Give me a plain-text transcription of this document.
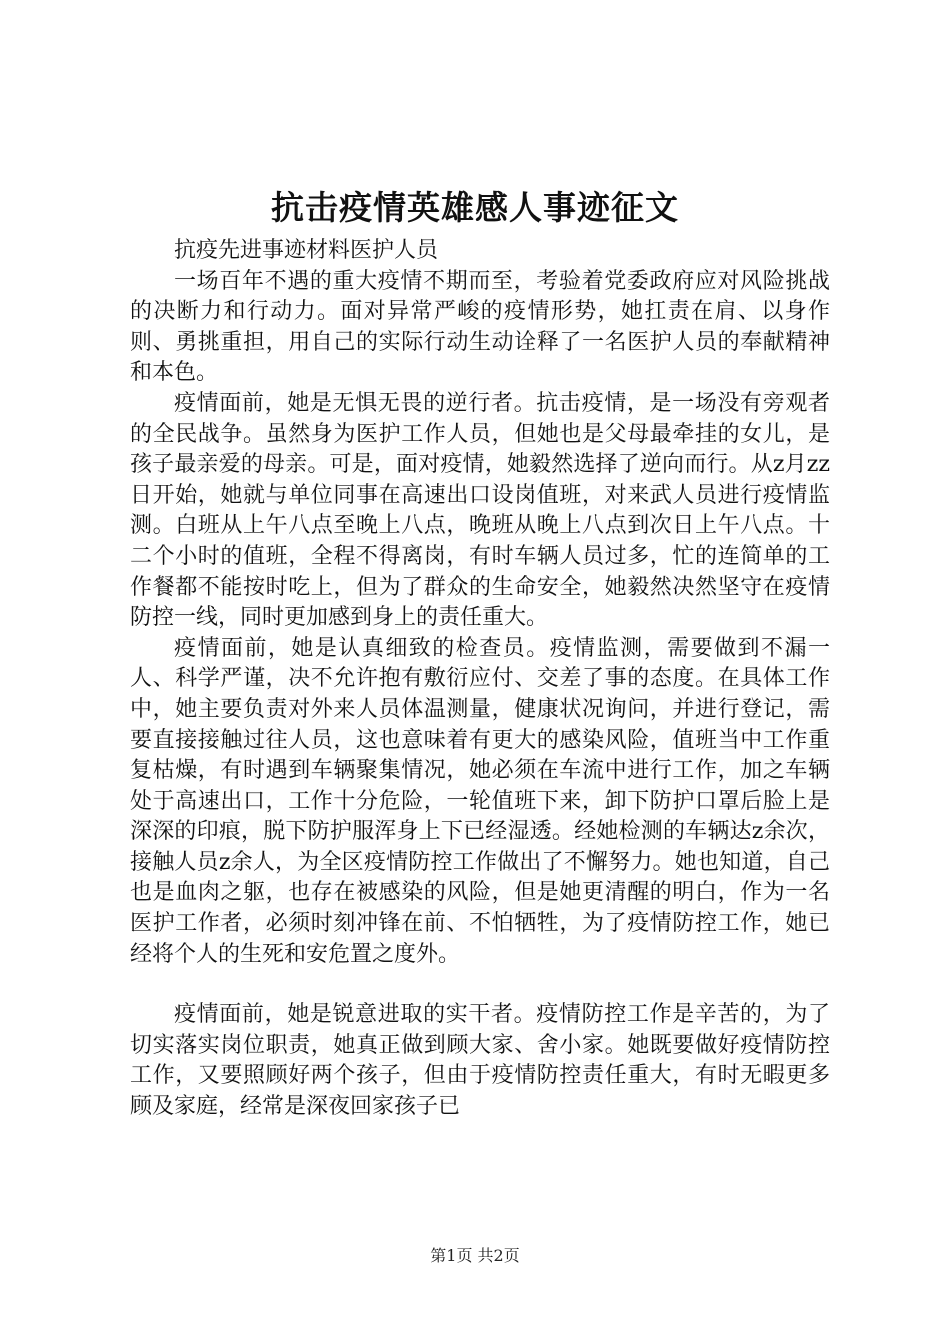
抗击疫情英雄感人事迹征文

抗疫先进事迹材料医护人员

一场百年不遇的重大疫情不期而至，考验着党委政府应对风险挑战的决断力和行动力。面对异常严峻的疫情形势，她扛责在肩、以身作则、勇挑重担，用自己的实际行动生动诠释了一名医护人员的奉献精神和本色。

疫情面前，她是无惧无畏的逆行者。抗击疫情，是一场没有旁观者的全民战争。虽然身为医护工作人员，但她也是父母最牵挂的女儿，是孩子最亲爱的母亲。可是，面对疫情，她毅然选择了逆向而行。从z月zz日开始，她就与单位同事在高速出口设岗值班，对来武人员进行疫情监测。白班从上午八点至晚上八点，晚班从晚上八点到次日上午八点。十二个小时的值班，全程不得离岗，有时车辆人员过多，忙的连简单的工作餐都不能按时吃上，但为了群众的生命安全，她毅然决然坚守在疫情防控一线，同时更加感到身上的责任重大。

疫情面前，她是认真细致的检查员。疫情监测，需要做到不漏一人、科学严谨，决不允许抱有敷衍应付、交差了事的态度。在具体工作中，她主要负责对外来人员体温测量，健康状况询问，并进行登记，需要直接接触过往人员，这也意味着有更大的感染风险，值班当中工作重复枯燥，有时遇到车辆聚集情况，她必须在车流中进行工作，加之车辆处于高速出口，工作十分危险，一轮值班下来，卸下防护口罩后脸上是深深的印痕，脱下防护服浑身上下已经湿透。经她检测的车辆达z余次，接触人员z余人，为全区疫情防控工作做出了不懈努力。她也知道，自己也是血肉之躯，也存在被感染的风险，但是她更清醒的明白，作为一名医护工作者，必须时刻冲锋在前、不怕牺牲，为了疫情防控工作，她已经将个人的生死和安危置之度外。

疫情面前，她是锐意进取的实干者。疫情防控工作是辛苦的，为了切实落实岗位职责，她真正做到顾大家、舍小家。她既要做好疫情防控工作，又要照顾好两个孩子，但由于疫情防控责任重大，有时无暇更多顾及家庭，经常是深夜回家孩子已

第1页 共2页
